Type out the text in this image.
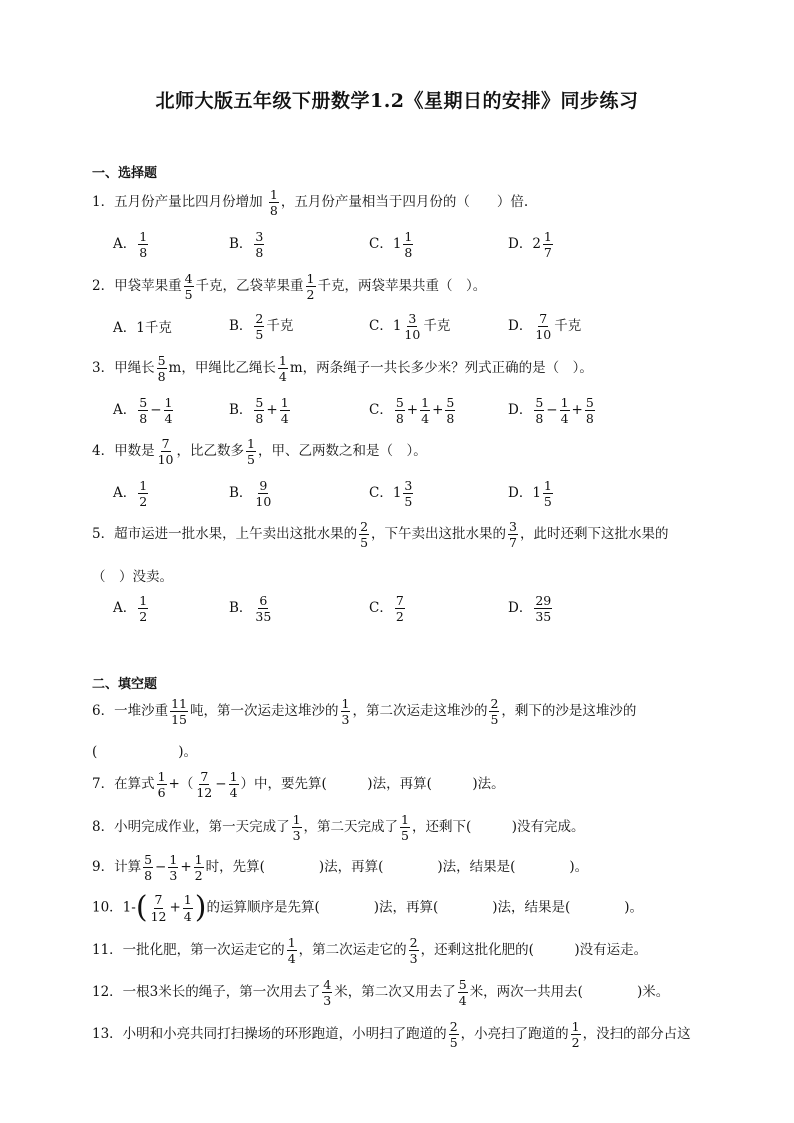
北师大版五年级下册数学1.2《星期日的安排》同步练习
一、选择题
1．五月份产量比四月份增加 $\frac{1}{8}$ ，五月份产量相当于四月份的（　　）倍.
A． $\frac{1}{8}$	B． $\frac{3}{8}$	C．$1 \frac{1}{8}$	D．$2 \frac{1}{7}$
2．甲袋苹果重 $\frac{4}{5}$ 千克，乙袋苹果重 $\frac{1}{2}$ 千克，两袋苹果共重（　）。
A．1千克	B． $\frac{2}{5}$ 千克	C．$1 \frac{3}{10}$ 千克	D． $\frac{7}{10}$ 千克
3．甲绳长 $\frac{5}{8}$ m，甲绳比乙绳长 $\frac{1}{4}$ m，两条绳子一共长多少米？列式正确的是（　）。
A． $\frac{5}{8} - \frac{1}{4}$	B． $\frac{5}{8} + \frac{1}{4}$	C． $\frac{5}{8} + \frac{1}{4} + \frac{5}{8}$	D． $\frac{5}{8} - \frac{1}{4} + \frac{5}{8}$
4．甲数是 $\frac{7}{10}$ ，比乙数多 $\frac{1}{5}$ ，甲、乙两数之和是（　）。
A． $\frac{1}{2}$	B． $\frac{9}{10}$	C．$1 \frac{3}{5}$	D．$1 \frac{1}{5}$
5．超市运进一批水果，上午卖出这批水果的 $\frac{2}{5}$ ，下午卖出这批水果的 $\frac{3}{7}$ ，此时还剩下这批水果的
（　）没卖。
A． $\frac{1}{2}$	B． $\frac{6}{35}$	C． $\frac{7}{2}$	D． $\frac{29}{35}$
二、填空题
6．一堆沙重 $\frac{11}{15}$ 吨，第一次运走这堆沙的 $\frac{1}{3}$ ，第二次运走这堆沙的 $\frac{2}{5}$ ，剩下的沙是这堆沙的
(　　　　　　)。
7．在算式 $\frac{1}{6}$ +（ $\frac{7}{12} - \frac{1}{4}$ ）中，要先算(　　　)法，再算(　　　)法。
8．小明完成作业，第一天完成了 $\frac{1}{3}$ ，第二天完成了 $\frac{1}{5}$ ，还剩下(　　　)没有完成。
9．计算 $\frac{5}{8} - \frac{1}{3} + \frac{1}{2}$ 时，先算(　　　　)法，再算(　　　　)法，结果是(　　　　)。
10．$1-( \frac{7}{12} + \frac{1}{4}$ )的运算顺序是先算(　　　　)法，再算(　　　　)法，结果是(　　　　)。
11．一批化肥，第一次运走它的 $\frac{1}{4}$ ，第二次运走它的 $\frac{2}{3}$ ，还剩这批化肥的(　　　)没有运走。
12．一根3米长的绳子，第一次用去了 $\frac{4}{3}$ 米，第二次又用去了 $\frac{5}{4}$ 米，两次一共用去(　　　　)米。
13．小明和小亮共同打扫操场的环形跑道，小明扫了跑道的 $\frac{2}{5}$ ，小亮扫了跑道的 $\frac{1}{2}$ ，没扫的部分占这
